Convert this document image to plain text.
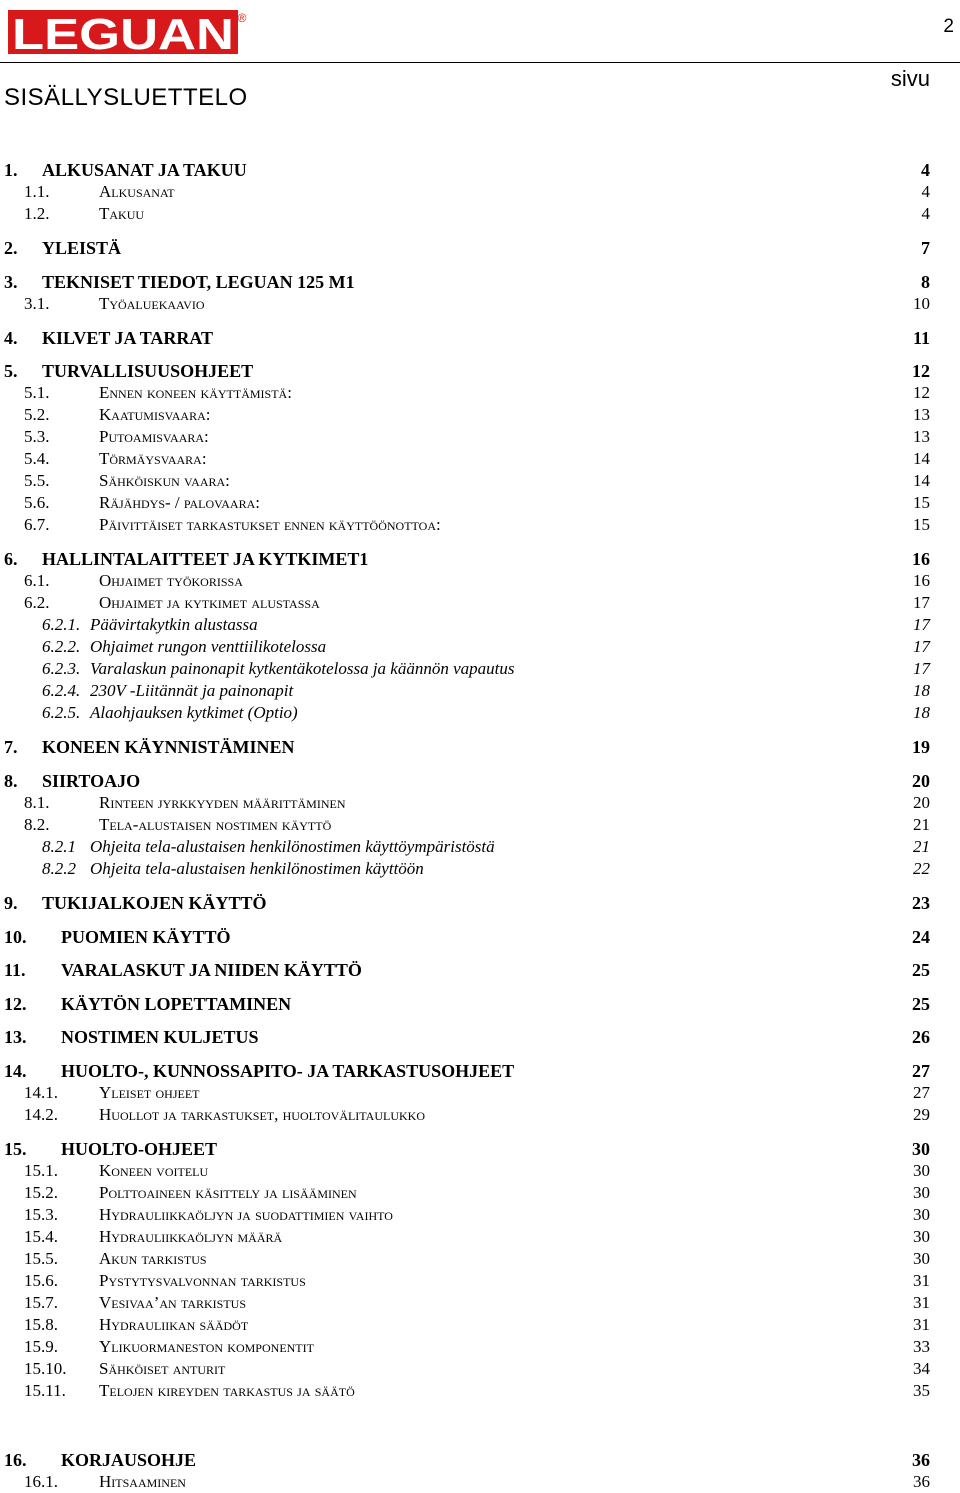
LEGUAN ®	2
SISÄLLYSLUETTELO
sivu
1. ALKUSANAT JA TAKUU	4
1.1.	Alkusanat	4
1.2.	Takuu	4
2. YLEISTÄ	7
3. TEKNISET TIEDOT, LEGUAN 125 M1	8
3.1.	Työaluekaavio	10
4. KILVET JA TARRAT	11
5. TURVALLISUUSOHJEET	12
5.1.	Ennen koneen käyttämistä:	12
5.2.	Kaatumisvaara:	13
5.3.	Putoamisvaara:	13
5.4.	Törmäysvaara:	14
5.5.	Sähköiskun vaara:	14
5.6.	Räjähdys- / palovaara:	15
6.7.	Päivittäiset tarkastukset ennen käyttöönottoa:	15
6. HALLINTALAITTEET JA KYTKIMET1	16
6.1.	Ohjaimet työkorissa	16
6.2.	Ohjaimet ja kytkimet alustassa	17
6.2.1. Päävirtakytkin alustassa	17
6.2.2. Ohjaimet rungon venttiilikotelossa	17
6.2.3. Varalaskun painonapit kytkentäkotelossa ja käännön vapautus	17
6.2.4. 230V -Liitännät ja painonapit	18
6.2.5. Alaohjauksen kytkimet (Optio)	18
7. KONEEN KÄYNNISTÄMINEN	19
8. SIIRTOAJO	20
8.1.	Rinteen jyrkkyyden määrittäminen	20
8.2.	Tela-alustaisen nostimen käyttö	21
8.2.1 Ohjeita tela-alustaisen henkilönostimen käyttöympäristöstä	21
8.2.2 Ohjeita tela-alustaisen henkilönostimen käyttöön	22
9. TUKIJALKOJEN KÄYTTÖ	23
10. PUOMIEN KÄYTTÖ	24
11. VARALASKUT JA NIIDEN KÄYTTÖ	25
12. KÄYTÖN LOPETTAMINEN	25
13. NOSTIMEN KULJETUS	26
14. HUOLTO-, KUNNOSSAPITO- JA TARKASTUSOHJEET	27
14.1. Yleiset ohjeet	27
14.2. Huollot ja tarkastukset, huoltovälitaulukko	29
15. HUOLTO-OHJEET	30
15.1. Koneen voitelu	30
15.2. Polttoaineen käsittely ja lisääminen	30
15.3. Hydrauliikkaöljyn ja suodattimien vaihto	30
15.4. Hydrauliikkaöljyn määrä	30
15.5. Akun tarkistus	30
15.6. Pystytysvalvonnan tarkistus	31
15.7. Vesivaa’an tarkistus	31
15.8. Hydrauliikan säädöt	31
15.9. Ylikuormaneston komponentit	33
15.10. Sähköiset anturit	34
15.11. Telojen kireyden tarkastus ja säätö	35
16. KORJAUSOHJE	36
16.1. Hitsaaminen	36
